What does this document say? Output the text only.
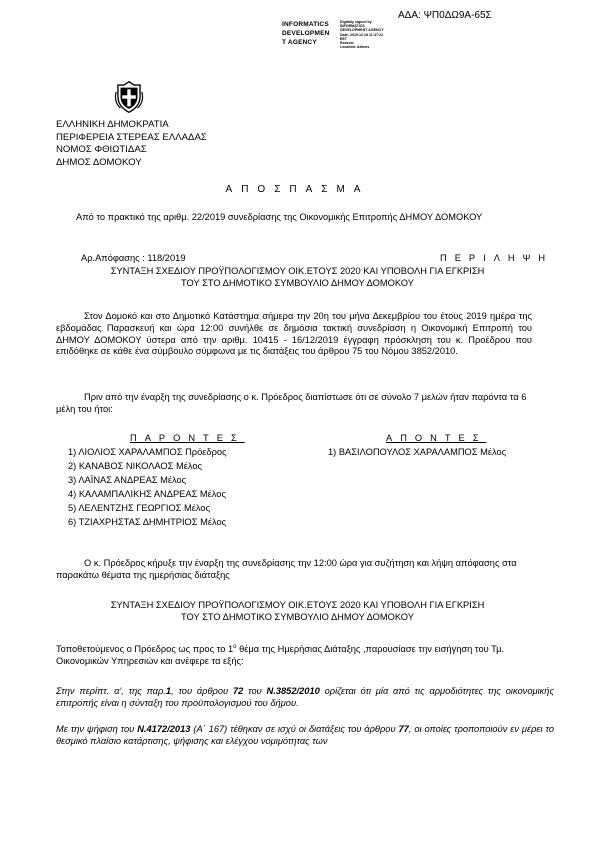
ΑΔΑ: ΨΠ0ΔΩ9Α-65Σ
INFORMATICS
DEVELOPMEN
T AGENCY
Digitally signed by
INFORMATICS
DEVELOPMENT AGENCY
Date: 2019.12.18 11:37:22
EET
Reason:
Location: Athens
ΕΛΛΗΝΙΚΗ ΔΗΜΟΚΡΑΤΙΑ
ΠΕΡΙΦΕΡΕΙΑ ΣΤΕΡΕΑΣ ΕΛΛΑΔΑΣ
ΝΟΜΟΣ ΦΘΙΩΤΙΔΑΣ
ΔΗΜΟΣ ΔΟΜΟΚΟΥ
ΑΠΟΣΠΑΣΜΑ
Από το πρακτικό της αριθμ. 22/2019 συνεδρίασης της Οικονομικής Επιτροπής ΔΗΜΟΥ ΔΟΜΟΚΟΥ
Αρ.Απόφασης : 118/2019	ΠΕΡΙΛΗΨΗ
ΣΥΝΤΑΞΗ ΣΧΕΔΙΟΥ ΠΡΟΫΠΟΛΟΓΙΣΜΟΥ ΟΙΚ.ΕΤΟΥΣ 2020 ΚΑΙ ΥΠΟΒΟΛΗ ΓΙΑ ΕΓΚΡΙΣΗ
ΤΟΥ ΣΤΟ ΔΗΜΟΤΙΚΟ ΣΥΜΒΟΥΛΙΟ ΔΗΜΟΥ ΔΟΜΟΚΟΥ
Στον Δομοκό και στο Δημοτικό Κατάστημα σήμερα την 20η του μήνα Δεκεμβρίου του έτους 2019 ημέρα της εβδομάδας Παρασκευή και ώρα 12:00 συνήλθε σε δημόσια τακτική συνεδρίαση η Οικονομική Επιτροπή του ΔΗΜΟΥ ΔΟΜΟΚΟΥ ύστερα από την αριθμ. 10415 - 16/12/2019 έγγραφη πρόσκληση του κ. Προέδρου που επιδόθηκε σε κάθε ένα σύμβουλο σύμφωνα με τις διατάξεις του άρθρου 75 του Νόμου 3852/2010.
Πριν από την έναρξη της συνεδρίασης ο κ. Πρόεδρος διαπίστωσε ότι σε σύνολο 7 μελών ήταν παρόντα τα 6 μέλη του ήτοι:
ΠΑΡΟΝΤΕΣ	ΑΠΟΝΤΕΣ
1) ΛΙΟΛΙΟΣ ΧΑΡΑΛΑΜΠΟΣ Πρόεδρος
2) ΚΑΝΑΒΟΣ ΝΙΚΟΛΑΟΣ Μέλος
3) ΛΑΪΝΑΣ ΑΝΔΡΕΑΣ Μέλος
4) ΚΑΛΑΜΠΑΛΙΚΗΣ ΑΝΔΡΕΑΣ Μέλος
5) ΛΕΛΕΝΤΖΗΣ ΓΕΩΡΓΙΟΣ Μέλος
6) ΤΖΙΑΧΡΗΣΤΑΣ ΔΗΜΗΤΡΙΟΣ Μέλος
1) ΒΑΣΙΛΟΠΟΥΛΟΣ ΧΑΡΑΛΑΜΠΟΣ Μέλος
Ο κ. Πρόεδρος κήρυξε την έναρξη της συνεδρίασης την 12:00 ώρα για συζήτηση και λήψη απόφασης στα παρακάτω θέματα της ημερήσιας διάταξης
ΣΥΝΤΑΞΗ ΣΧΕΔΙΟΥ ΠΡΟΫΠΟΛΟΓΙΣΜΟΥ ΟΙΚ.ΕΤΟΥΣ 2020 ΚΑΙ ΥΠΟΒΟΛΗ ΓΙΑ ΕΓΚΡΙΣΗ
ΤΟΥ ΣΤΟ ΔΗΜΟΤΙΚΟ ΣΥΜΒΟΥΛΙΟ ΔΗΜΟΥ ΔΟΜΟΚΟΥ
Τοποθετούμενος ο Πρόεδρος ως προς το $1^o$ θέμα της Ημερήσιας Διάταξης ,παρουσίασε την εισήγηση του Τμ. Οικονομικών Υπηρεσιών και ανέφερε τα εξής:
Στην περίπτ. α', της παρ.1, του άρθρου 72 του Ν.3852/2010 ορίζεται ότι μία από τις αρμοδιότητες της οικονομικής επιτροπής είναι η σύνταξη του προϋπολογισμού του δήμου.
Με την ψήφιση του Ν.4172/2013 (Α΄ 167) τέθηκαν σε ισχύ οι διατάξεις του άρθρου 77, οι οποίες τροποποιούν εν μέρει το θεσμικό πλαίσιο κατάρτισης, ψήφισης και ελέγχου νομιμότητας των
